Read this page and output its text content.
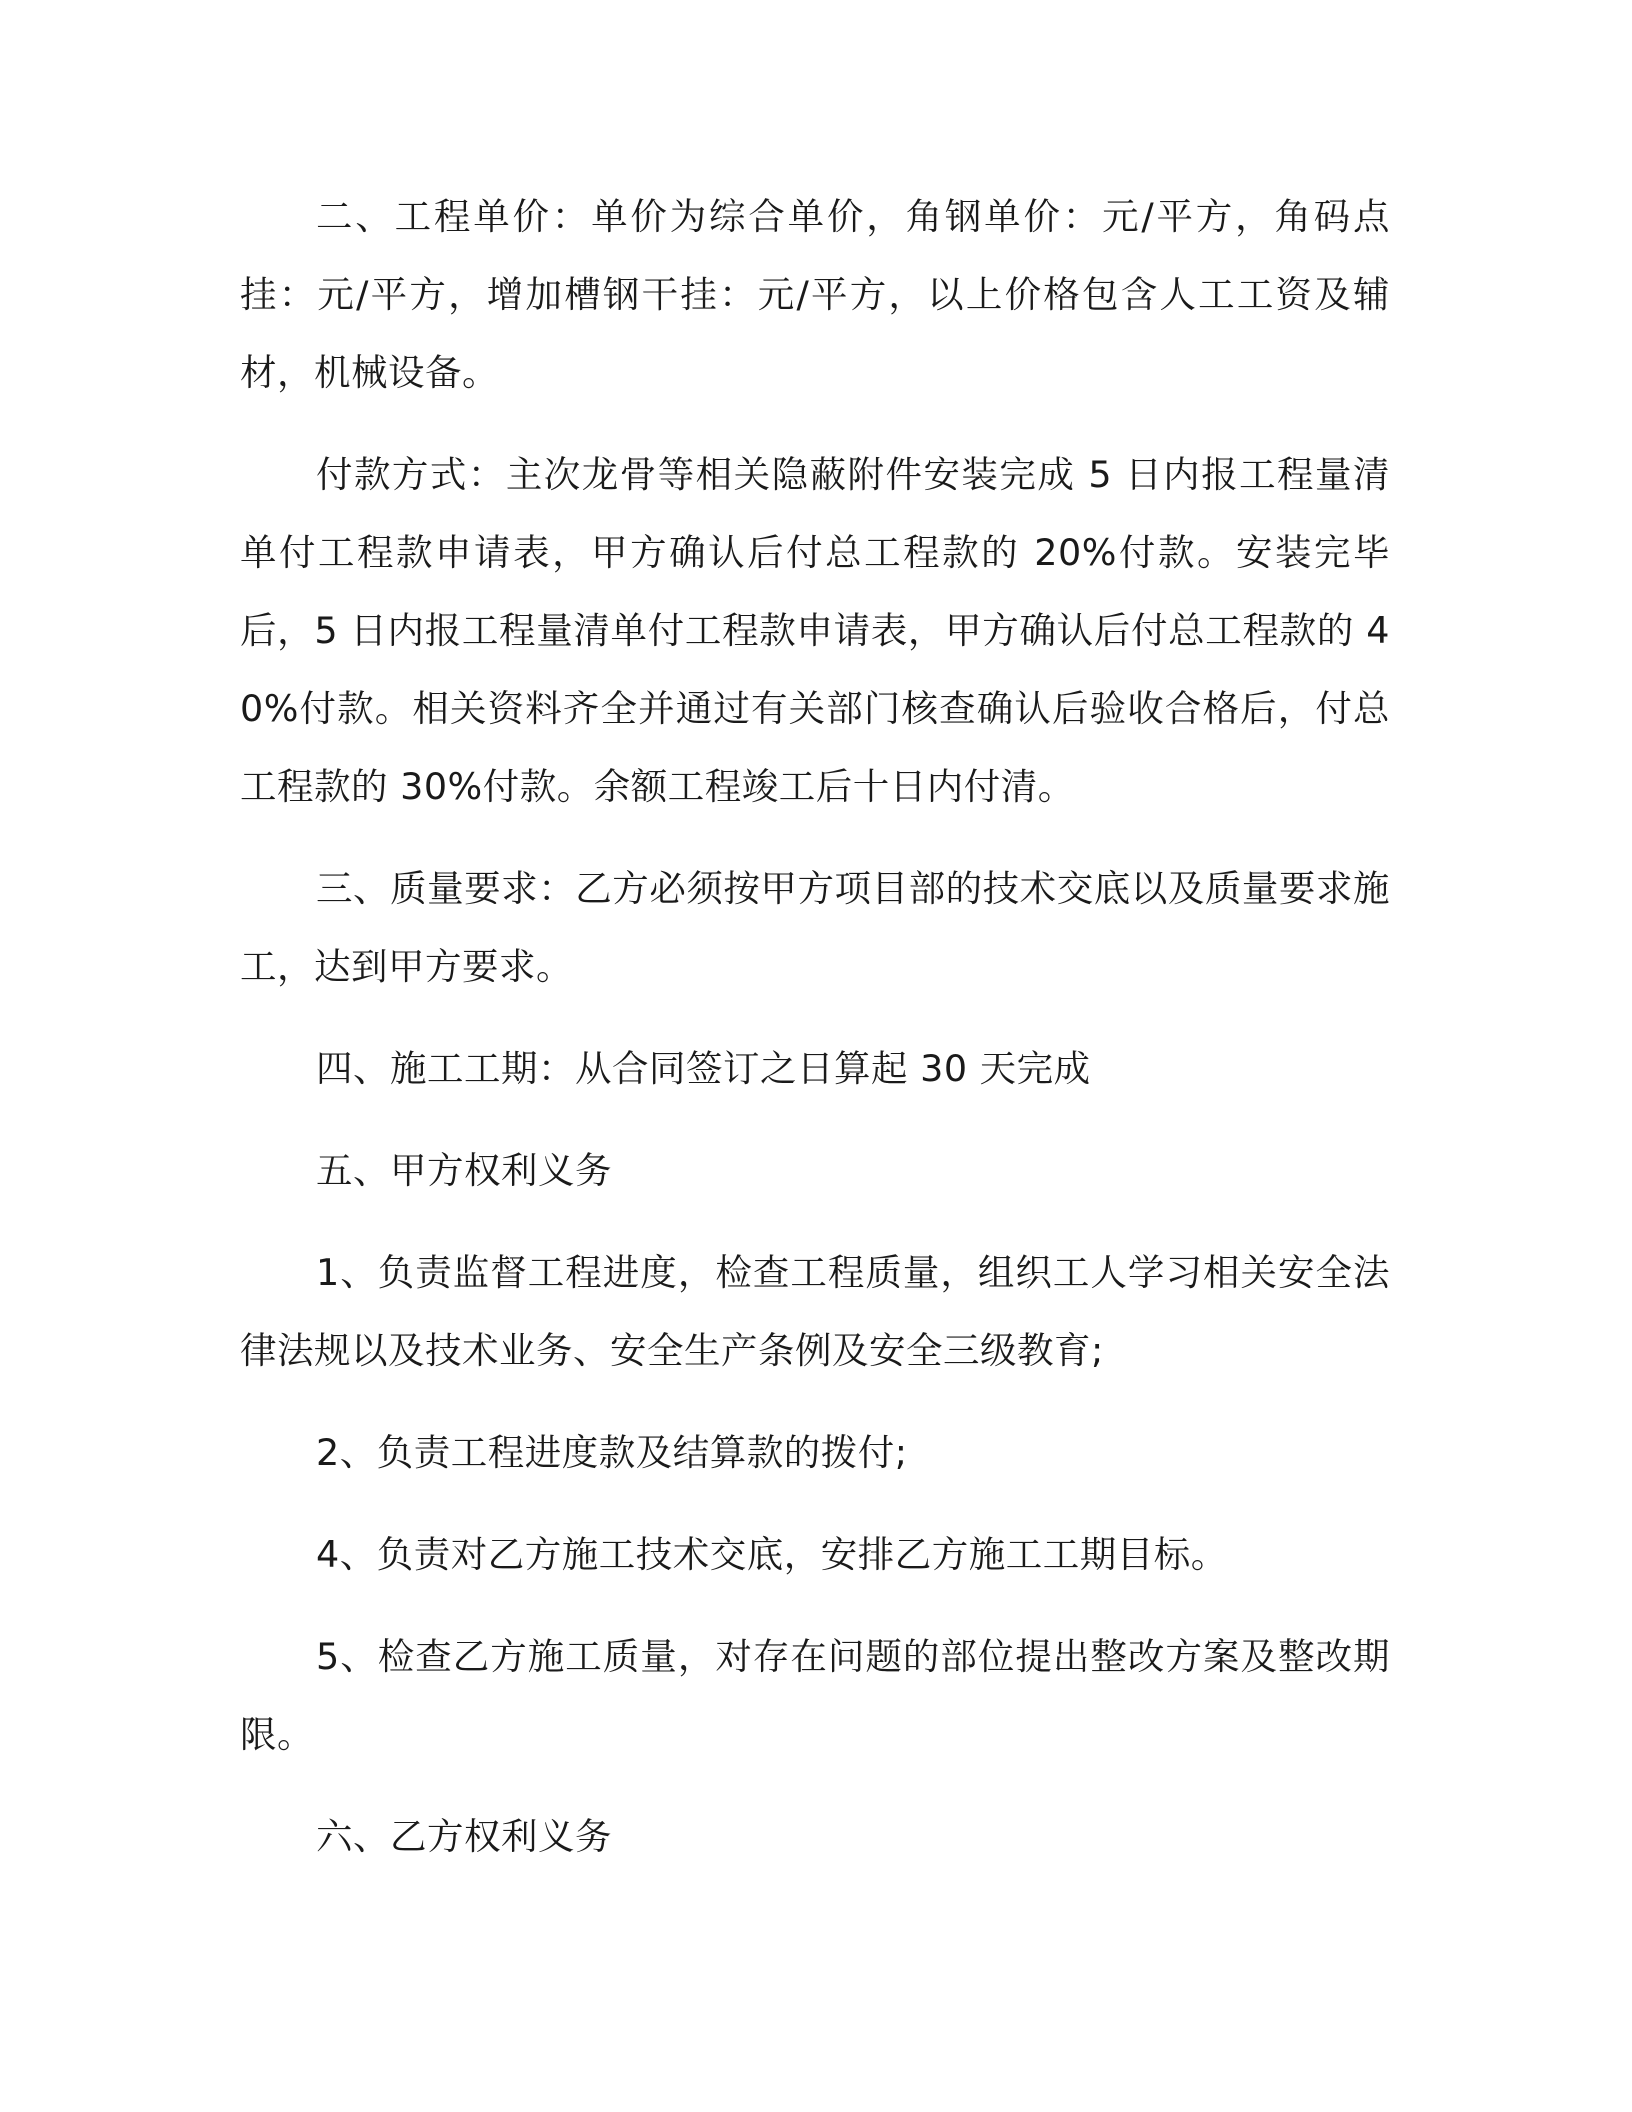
二、工程单价：单价为综合单价，角钢单价：元/平方，角码点挂：元/平方，增加槽钢干挂：元/平方，以上价格包含人工工资及辅材，机械设备。

付款方式：主次龙骨等相关隐蔽附件安装完成 5 日内报工程量清单付工程款申请表，甲方确认后付总工程款的 20%付款。安装完毕后，5 日内报工程量清单付工程款申请表，甲方确认后付总工程款的 40%付款。相关资料齐全并通过有关部门核查确认后验收合格后，付总工程款的 30%付款。余额工程竣工后十日内付清。

三、质量要求：乙方必须按甲方项目部的技术交底以及质量要求施工，达到甲方要求。

四、施工工期：从合同签订之日算起 30 天完成

五、甲方权利义务

1、负责监督工程进度，检查工程质量，组织工人学习相关安全法律法规以及技术业务、安全生产条例及安全三级教育;

2、负责工程进度款及结算款的拨付;

4、负责对乙方施工技术交底，安排乙方施工工期目标。

5、检查乙方施工质量，对存在问题的部位提出整改方案及整改期限。

六、乙方权利义务
